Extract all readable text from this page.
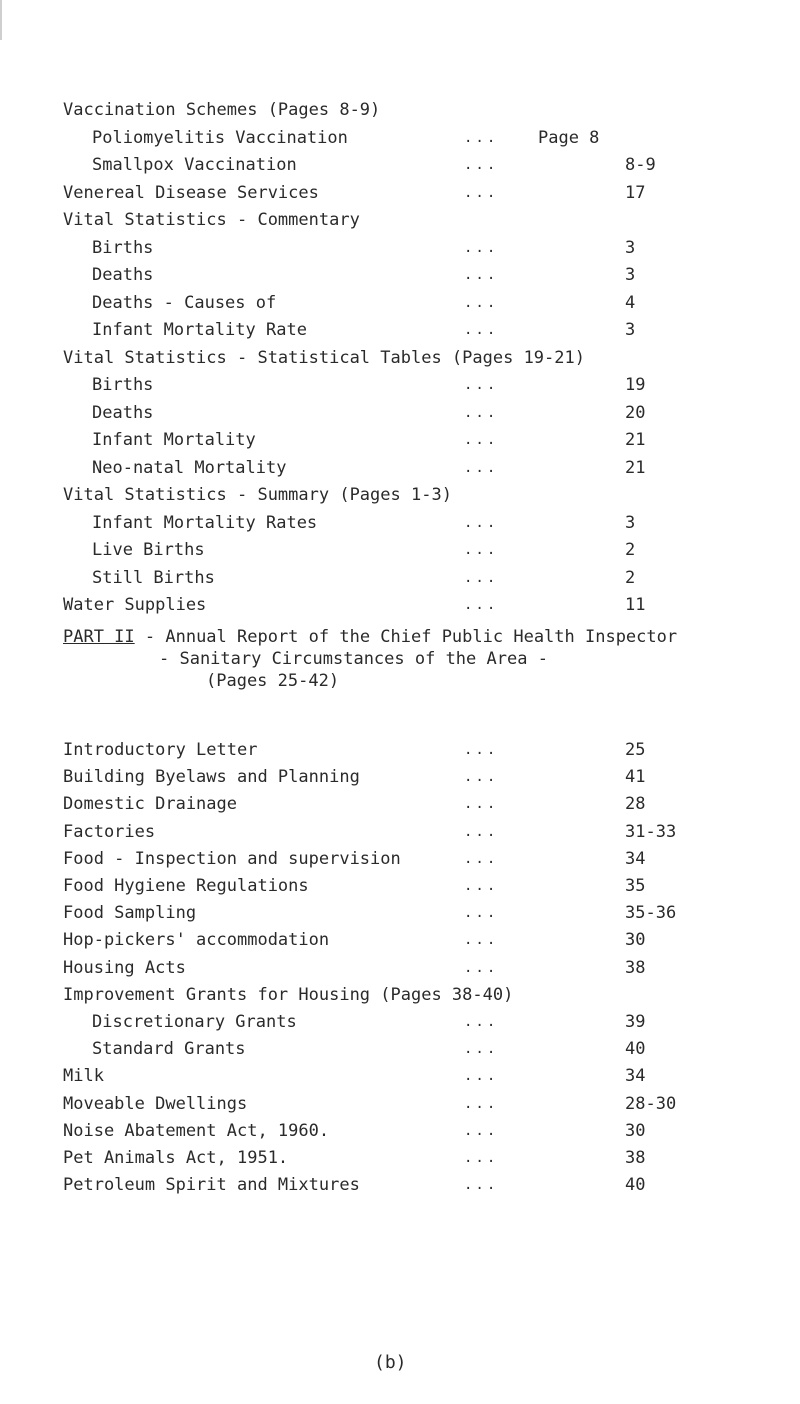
Vaccination Schemes (Pages 8-9)
Poliomyelitis Vaccination	... Page 8
Smallpox Vaccination	...	8-9
Venereal Disease Services	...	17
Vital Statistics - Commentary
Births	...	3
Deaths	...	3
Deaths - Causes of	...	4
Infant Mortality Rate	...	3
Vital Statistics - Statistical Tables (Pages 19-21)
Births	...	19
Deaths	...	20
Infant Mortality	...	21
Neo-natal Mortality	...	21
Vital Statistics - Summary (Pages 1-3)
Infant Mortality Rates	...	3
Live Births	...	2
Still Births	...	2
Water Supplies	...	11
PART II - Annual Report of the Chief Public Health Inspector
- Sanitary Circumstances of the Area -
(Pages 25-42)
Introductory Letter	...	25
Building Byelaws and Planning	...	41
Domestic Drainage	...	28
Factories	...	31-33
Food - Inspection and supervision	...	34
Food Hygiene Regulations	...	35
Food Sampling	...	35-36
Hop-pickers' accommodation	...	30
Housing Acts	...	38
Improvement Grants for Housing (Pages 38-40)
Discretionary Grants	...	39
Standard Grants	...	40
Milk	...	34
Moveable Dwellings	...	28-30
Noise Abatement Act, 1960.	...	30
Pet Animals Act, 1951.	...	38
Petroleum Spirit and Mixtures	...	40
(b)
